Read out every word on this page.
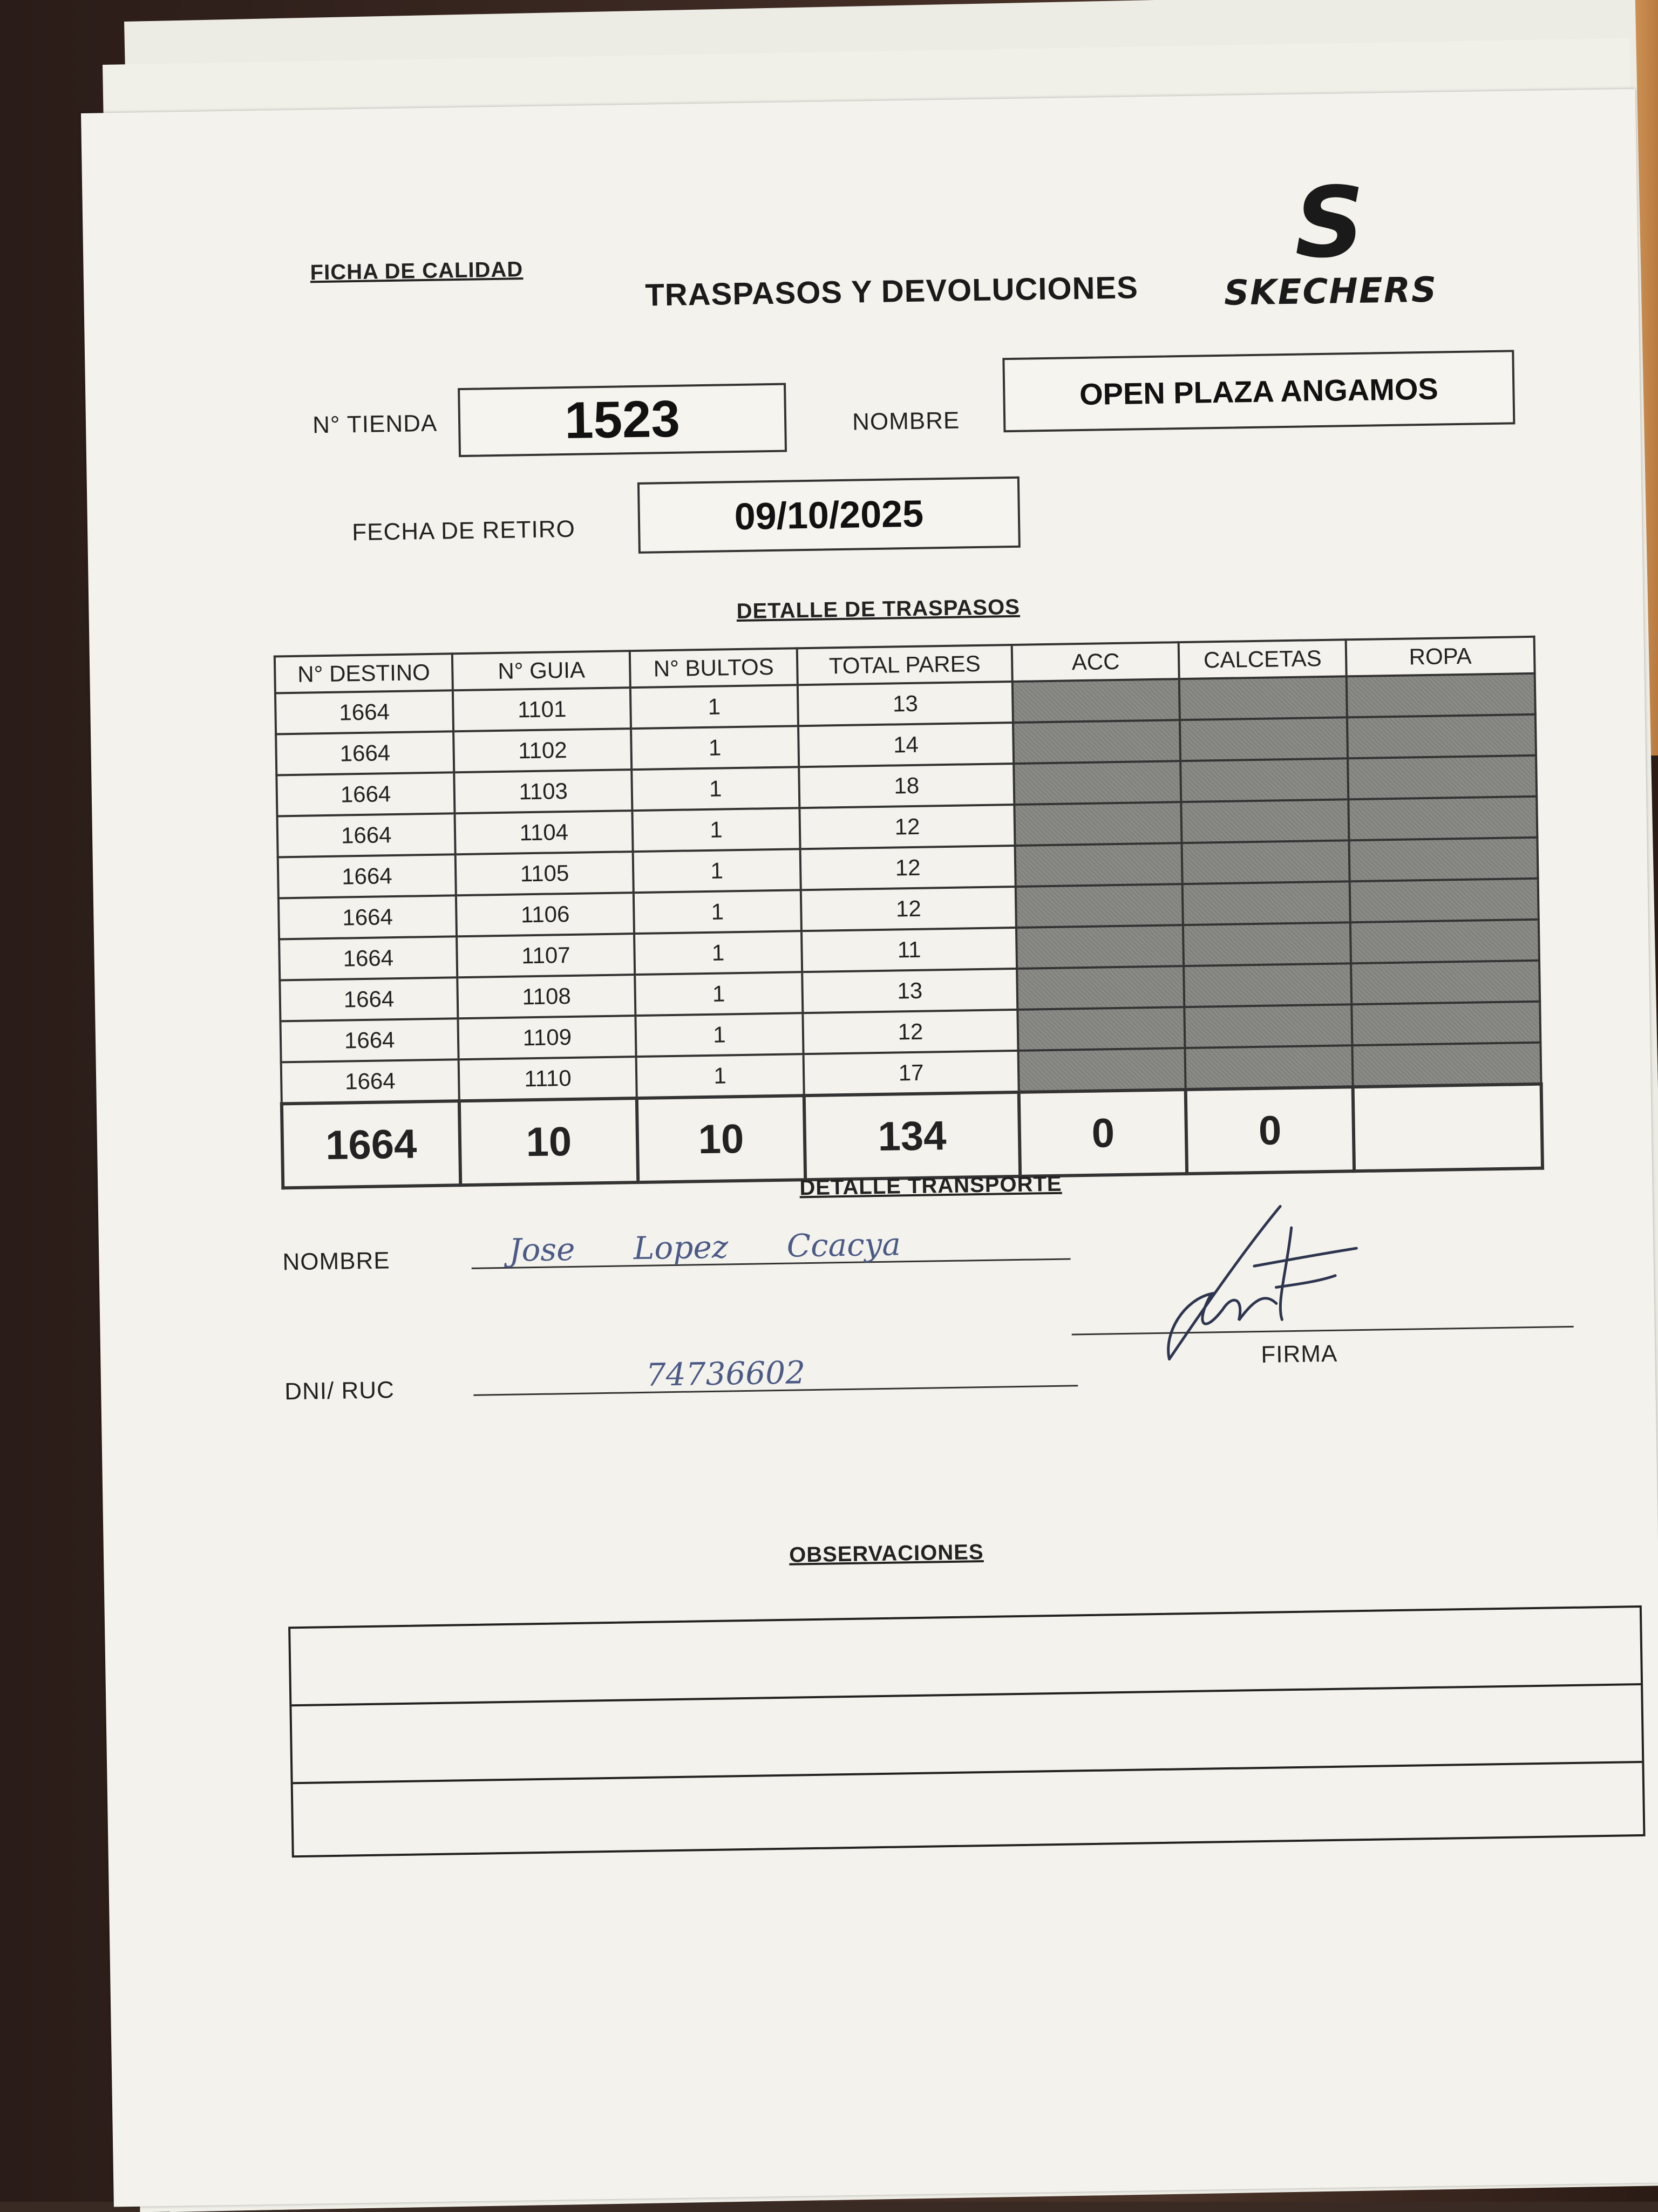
FICHA DE CALIDAD	TRASPASOS Y DEVOLUCIONES
S
SKECHERS
N° TIENDA	1523	NOMBRE
OPEN PLAZA ANGAMOS
FECHA DE RETIRO	09/10/2025
DETALLE DE TRASPASOS
N° DESTINO	N° GUIA	N° BULTOS	TOTAL PARES	ACC	CALCETAS	ROPA
1664	1101	1	13			
1664	1102	1	14			
1664	1103	1	18			
1664	1104	1	12			
1664	1105	1	12			
1664	1106	1	12			
1664	1107	1	11			
1664	1108	1	13			
1664	1109	1	12			
1664	1110	1	17			
1664	10	10	134	0	0	
DETALLE TRANSPORTE
NOMBRE	Jose Lopez Ccacya
DNI/ RUC	74736602	FIRMA
OBSERVACIONES
